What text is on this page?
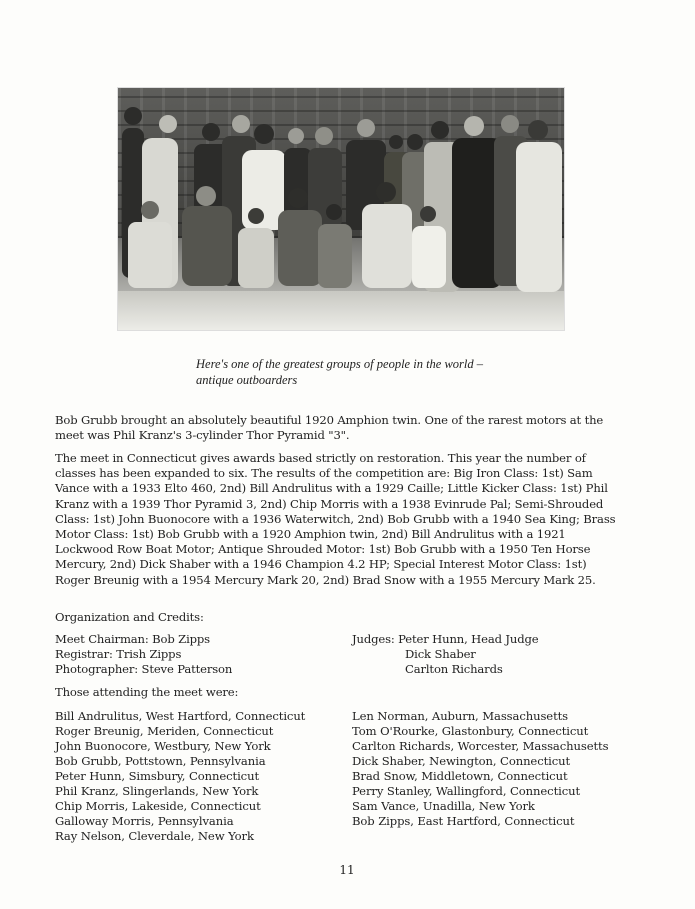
Here's one of the greatest groups of people in the world –
antique outboarders
Bob Grubb brought an absolutely beautiful 1920 Amphion twin. One of the rarest motors at the meet was Phil Kranz's 3-cylinder Thor Pyramid "3".
The meet in Connecticut gives awards based strictly on restoration. This year the number of classes has been expanded to six. The results of the competition are: Big Iron Class: 1st) Sam Vance with a 1933 Elto 460, 2nd) Bill Andrulitus with a 1929 Caille; Little Kicker Class: 1st) Phil Kranz with a 1939 Thor Pyramid 3, 2nd) Chip Morris with a 1938 Evinrude Pal; Semi-Shrouded Class: 1st) John Buonocore with a 1936 Waterwitch, 2nd) Bob Grubb with a 1940 Sea King; Brass Motor Class: 1st) Bob Grubb with a 1920 Amphion twin, 2nd) Bill Andrulitus with a 1921 Lockwood Row Boat Motor; Antique Shrouded Motor: 1st) Bob Grubb with a 1950 Ten Horse Mercury, 2nd) Dick Shaber with a 1946 Champion 4.2 HP; Special Interest Motor Class: 1st) Roger Breunig with a 1954 Mercury Mark 20, 2nd) Brad Snow with a 1955 Mercury Mark 25.
Organization and Credits:
Meet Chairman: Bob Zipps
Registrar: Trish Zipps
Photographer: Steve Patterson
Judges: Peter Hunn, Head Judge
Dick Shaber
Carlton Richards
Those attending the meet were:
Bill Andrulitus, West Hartford, Connecticut
Roger Breunig, Meriden, Connecticut
John Buonocore, Westbury, New York
Bob Grubb, Pottstown, Pennsylvania
Peter Hunn, Simsbury, Connecticut
Phil Kranz, Slingerlands, New York
Chip Morris, Lakeside, Connecticut
Galloway Morris, Pennsylvania
Ray Nelson, Cleverdale, New York
Len Norman, Auburn, Massachusetts
Tom O'Rourke, Glastonbury, Connecticut
Carlton Richards, Worcester, Massachusetts
Dick Shaber, Newington, Connecticut
Brad Snow, Middletown, Connecticut
Perry Stanley, Wallingford, Connecticut
Sam Vance, Unadilla, New York
Bob Zipps, East Hartford, Connecticut
11
